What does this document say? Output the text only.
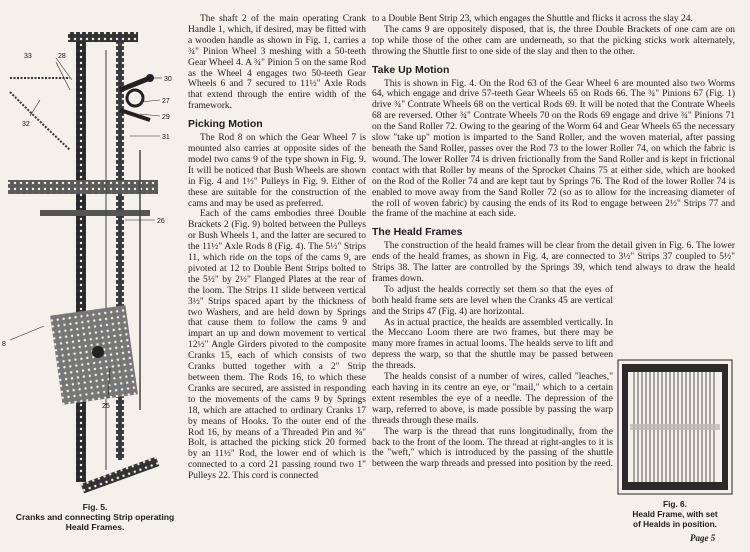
33	28
30
27
29
31
32
26
8
25
Fig. 5.
Cranks and connecting Strip operating
Heald Frames.

The shaft 2 of the main operating Crank Handle 1, which, if desired, may be fitted with a wooden handle as shown in Fig. 1, carries a ¾" Pinion Wheel 3 meshing with a 50-teeth Gear Wheel 4. A ¾" Pinion 5 on the same Rod as the Wheel 4 engages two 50-teeth Gear Wheels 6 and 7 secured to 11½" Axle Rods that extend through the entire width of the framework.

Picking Motion

The Rod 8 on which the Gear Wheel 7 is mounted also carries at opposite sides of the model two cams 9 of the type shown in Fig. 9. It will be noticed that Bush Wheels are shown in Fig. 4 and 1½" Pulleys in Fig. 9. Either of these are suitable for the construction of the cams and may be used as preferred.

Each of the cams embodies three Double Brackets 2 (Fig. 9) bolted between the Pulleys or Bush Wheels 1, and the latter are secured to the 11½" Axle Rods 8 (Fig. 4). The 5½" Strips 11, which ride on the tops of the cams 9, are pivoted at 12 to Double Bent Strips bolted to the 5½" by 2½" Flanged Plates at the rear of the loom. The Strips 11 slide between vertical 3½" Strips spaced apart by the thickness of two Washers, and are held down by Springs that cause them to follow the cams 9 and impart an up and down movement to vertical 12½" Angle Girders pivoted to the composite Cranks 15, each of which consists of two Cranks butted together with a 2" Strip between them. The Rods 16, to which these Cranks are secured, are assisted in responding to the movements of the cams 9 by Springs 18, which are attached to ordinary Cranks 17 by means of Hooks. To the outer end of the Rod 16, by means of a Threaded Pin and ⅜" Bolt, is attached the picking stick 20 formed by an 11½" Rod, the lower end of which is connected to a cord 21 passing round two 1" Pulleys 22. This cord is connected

to a Double Bent Strip 23, which engages the Shuttle and flicks it across the slay 24.

The cams 9 are oppositely disposed, that is, the three Double Brackets of one cam are on top while those of the other cam are underneath, so that the picking sticks work alternately, throwing the Shuttle first to one side of the slay and then to the other.

Take Up Motion

This is shown in Fig. 4. On the Rod 63 of the Gear Wheel 6 are mounted also two Worms 64, which engage and drive 57-teeth Gear Wheels 65 on Rods 66. The ¾" Pinions 67 (Fig. 1) drive ¾" Contrate Wheels 68 on the vertical Rods 69. It will be noted that the Contrate Wheels 68 are reversed. Other ¾" Contrate Wheels 70 on the Rods 69 engage and drive ¾" Pinions 71 on the Sand Roller 72. Owing to the gearing of the Worm 64 and Gear Wheels 65 the necessary slow "take up" motion is imparted to the Sand Roller, and the woven material, after passing beneath the Sand Roller, passes over the Rod 73 to the lower Roller 74, on which the fabric is wound. The lower Roller 74 is driven frictionally from the Sand Roller and is kept in frictional contact with that Roller by means of the Sprocket Chains 75 at either side, which are hooked on the Rod of the Roller 74 and are kept taut by Springs 76. The Rod of the lower Roller 74 is enabled to move away from the Sand Roller 72 (so as to allow for the increasing diameter of the roll of woven fabric) by causing the ends of its Rod to engage between 2½" Strips 77 and the frame of the machine at each side.

The Heald Frames

The construction of the heald frames will be clear from the detail given in Fig. 6. The lower ends of the heald frames, as shown in Fig. 4, are connected to 3½" Strips 37 coupled to 5½" Strips 38. The latter are controlled by the Springs 39, which tend always to draw the heald frames down.

To adjust the healds correctly set them so that the eyes of both heald frame sets are level when the Cranks 45 are vertical and the Strips 47 (Fig. 4) are horizontal.

As in actual practice, the healds are assembled vertically. In the Meccano Loom there are two frames, but there may be many more frames in actual looms. The healds serve to lift and depress the warp, so that the shuttle may be passed between the threads.

The healds consist of a number of wires, called "leaches," each having in its centre an eye, or "mail," which to a certain extent resembles the eye of a needle. The depression of the warp, referred to above, is made possible by passing the warp threads through these mails.

The warp is the thread that runs longitudinally, from the back to the front of the loom. The thread at right-angles to it is the "weft," which is introduced by the passing of the shuttle between the warp threads and pressed into position by the reed.

Fig. 6.
Heald Frame, with set
of Healds in position.
Page 5
